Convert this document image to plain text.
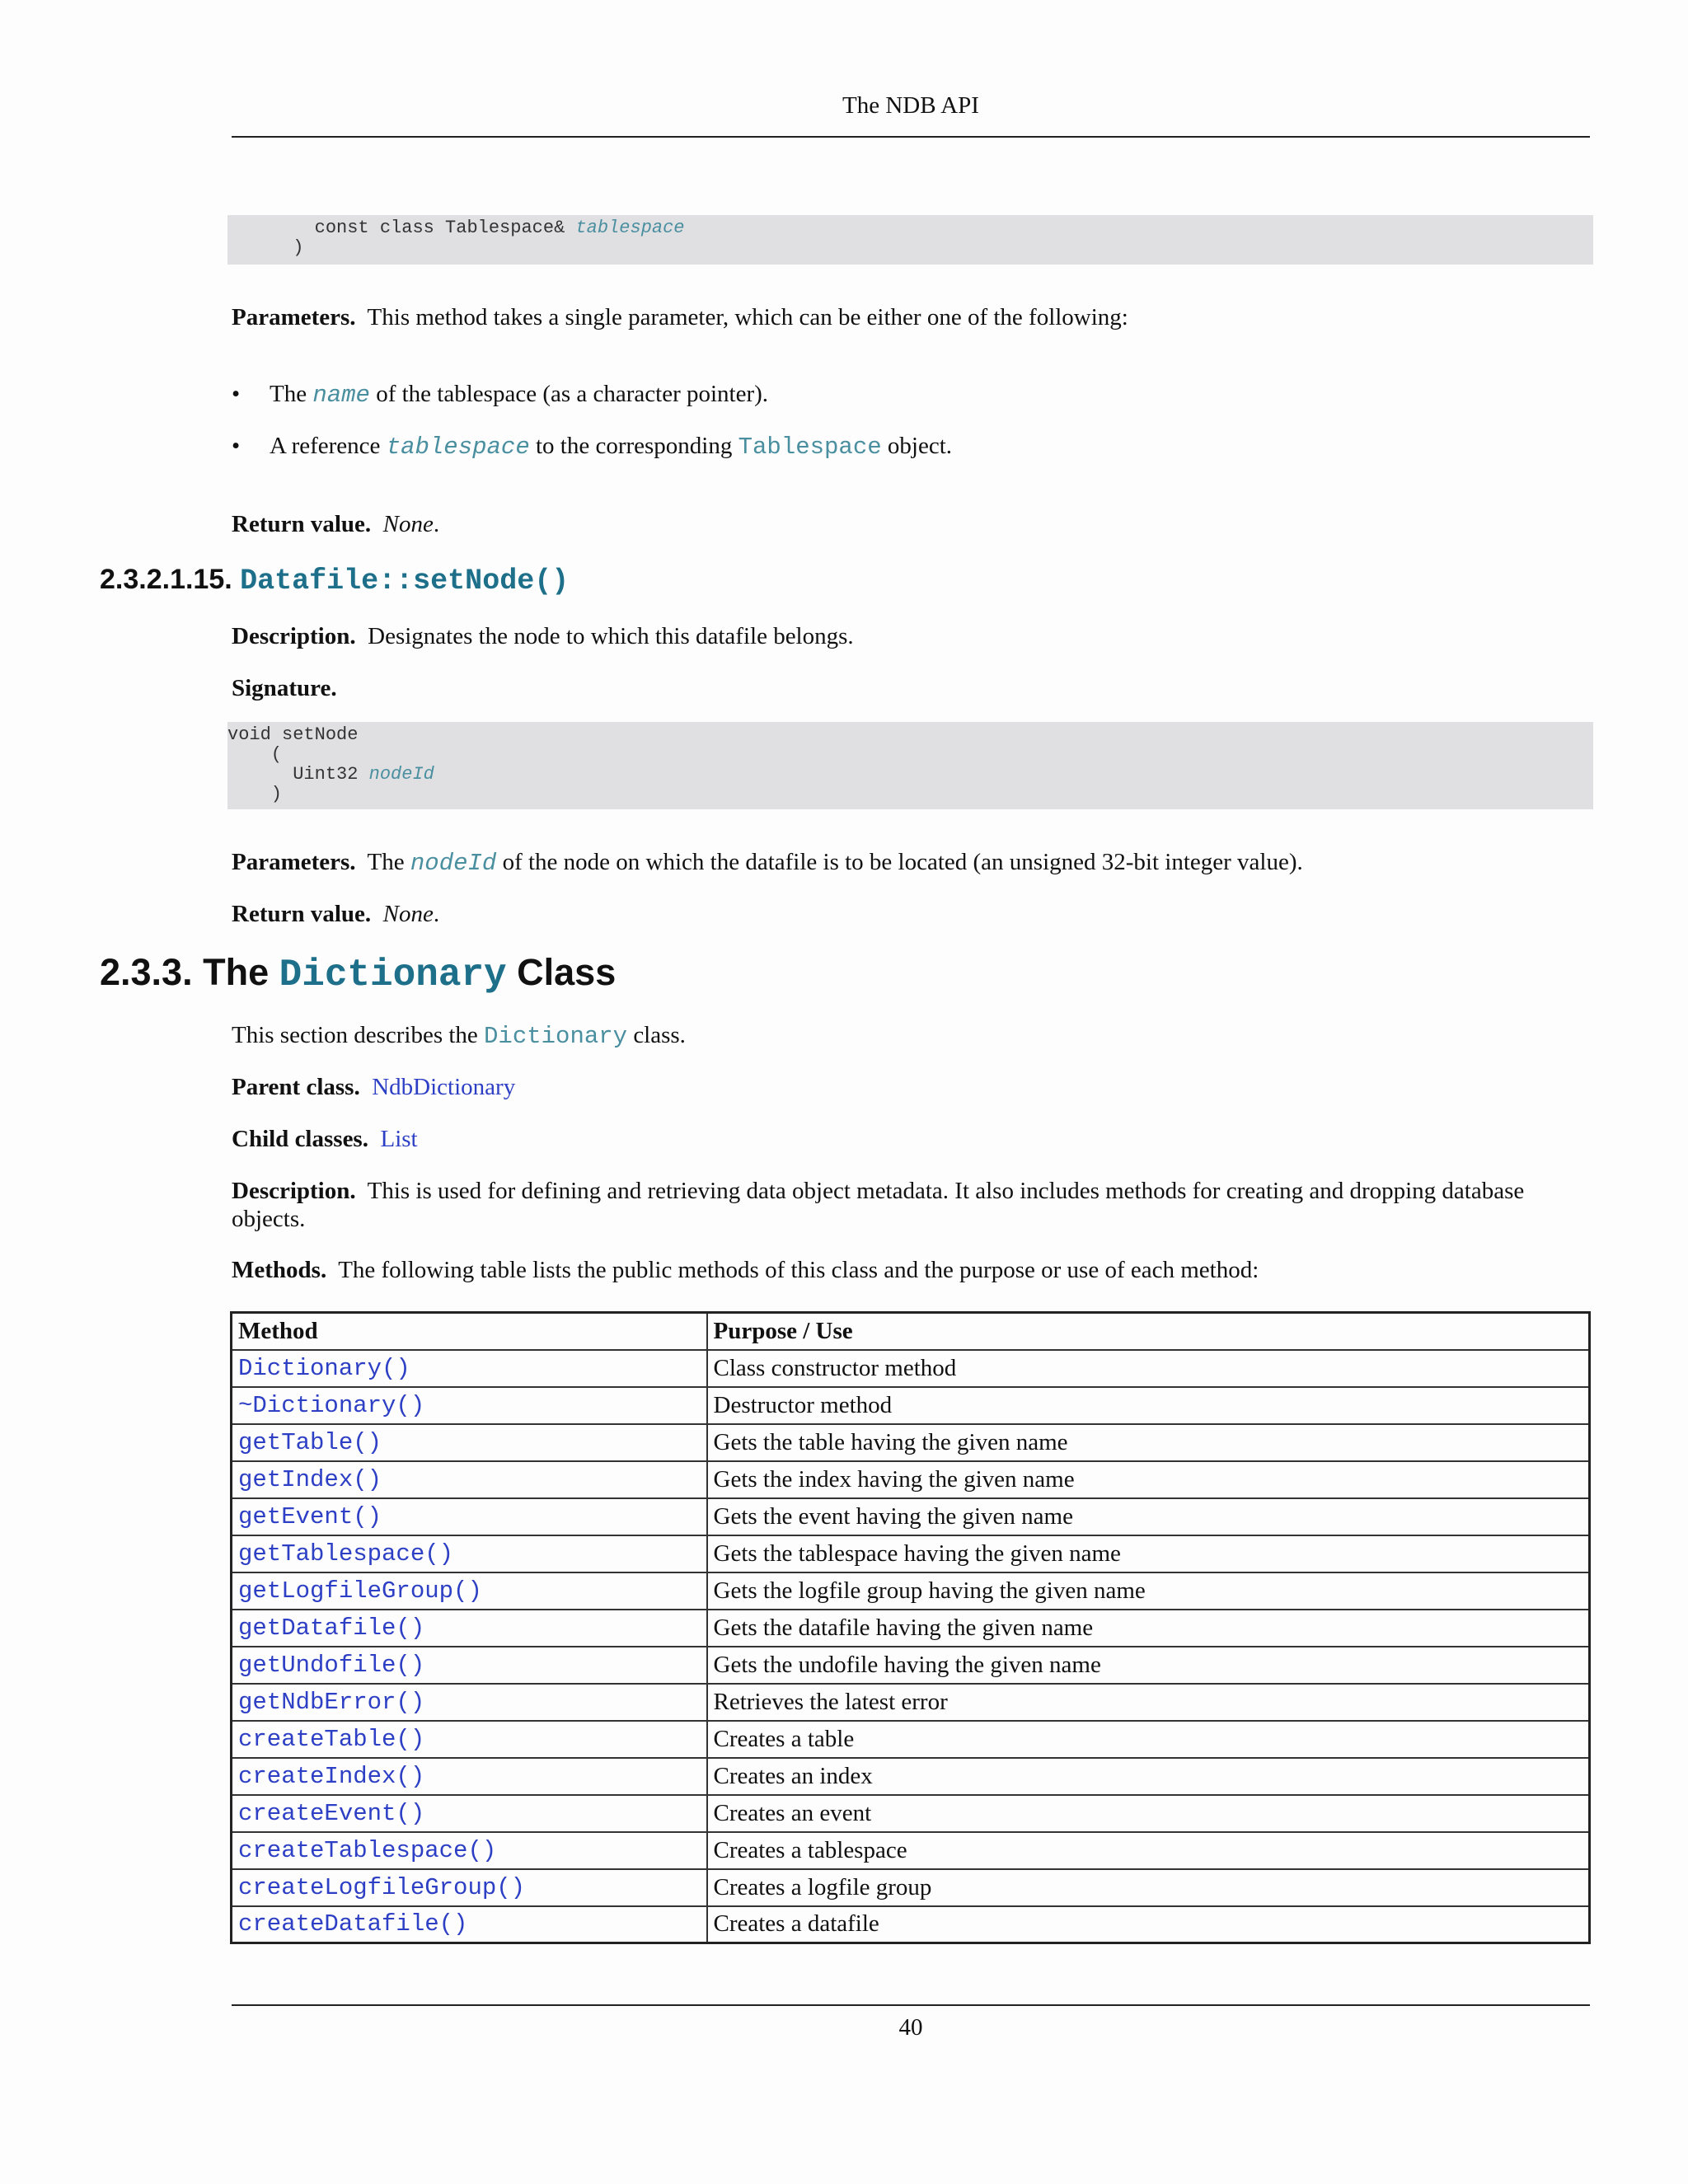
The NDB API
const class Tablespace& tablespace
)
Parameters. This method takes a single parameter, which can be either one of the following:
• The name of the tablespace (as a character pointer).
• A reference tablespace to the corresponding Tablespace object.
Return value. None.
2.3.2.1.15. Datafile::setNode()
Description. Designates the node to which this datafile belongs.
Signature.
void setNode
(
Uint32 nodeId
)
Parameters. The nodeId of the node on which the datafile is to be located (an unsigned 32-bit integer value).
Return value. None.
2.3.3. The Dictionary Class
This section describes the Dictionary class.
Parent class. NdbDictionary
Child classes. List
Description. This is used for defining and retrieving data object metadata. It also includes methods for creating and dropping database objects.
Methods. The following table lists the public methods of this class and the purpose or use of each method:
Method	Purpose / Use
Dictionary()	Class constructor method
~Dictionary()	Destructor method
getTable()	Gets the table having the given name
getIndex()	Gets the index having the given name
getEvent()	Gets the event having the given name
getTablespace()	Gets the tablespace having the given name
getLogfileGroup()	Gets the logfile group having the given name
getDatafile()	Gets the datafile having the given name
getUndofile()	Gets the undofile having the given name
getNdbError()	Retrieves the latest error
createTable()	Creates a table
createIndex()	Creates an index
createEvent()	Creates an event
createTablespace()	Creates a tablespace
createLogfileGroup()	Creates a logfile group
createDatafile()	Creates a datafile
40
